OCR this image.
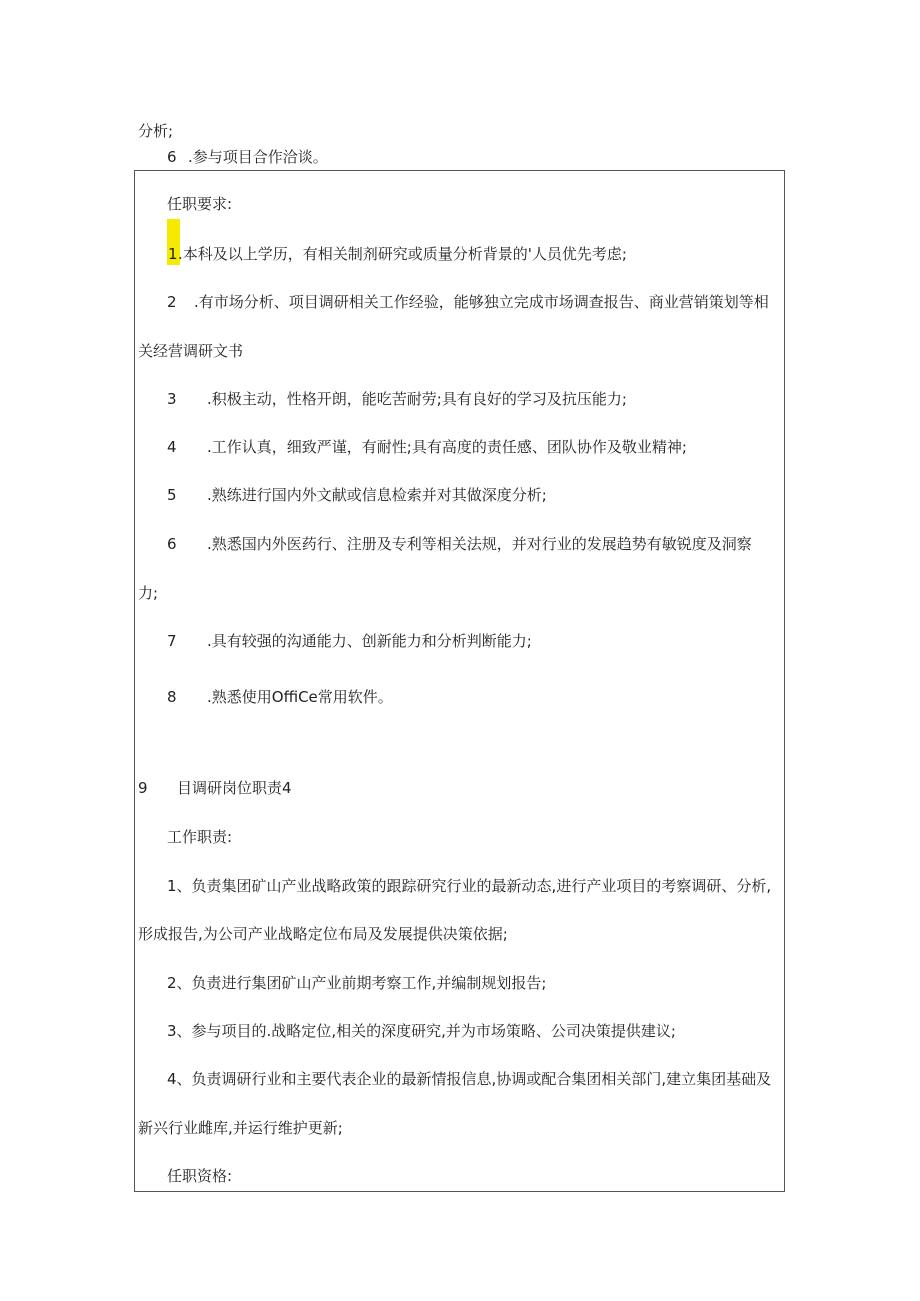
分析;
6 .参与项目合作洽谈。
任职要求:
1 .本科及以上学历，有相关制剂研究或质量分析背景的'人员优先考虑;
2 .有市场分析、项目调研相关工作经验，能够独立完成市场调查报告、商业营销策划等相
关经营调研文书
3 .积极主动，性格开朗，能吃苦耐劳;具有良好的学习及抗压能力;
4 .工作认真，细致严谨，有耐性;具有高度的责任感、团队协作及敬业精神;
5 .熟练进行国内外文献或信息检索并对其做深度分析;
6 .熟悉国内外医药行、注册及专利等相关法规，并对行业的发展趋势有敏锐度及洞察
力;
7 .具有较强的沟通能力、创新能力和分析判断能力;
8 .熟悉使用OffiCe常用软件。
9 目调研岗位职责4
工作职责:
1、负责集团矿山产业战略政策的跟踪研究行业的最新动态,进行产业项目的考察调研、分析,
形成报告,为公司产业战略定位布局及发展提供决策依据;
2、负责进行集团矿山产业前期考察工作,并编制规划报告;
3、参与项目的.战略定位,相关的深度研究,并为市场策略、公司决策提供建议;
4、负责调研行业和主要代表企业的最新情报信息,协调或配合集团相关部门,建立集团基础及
新兴行业雌库,并运行维护更新;
任职资格:
